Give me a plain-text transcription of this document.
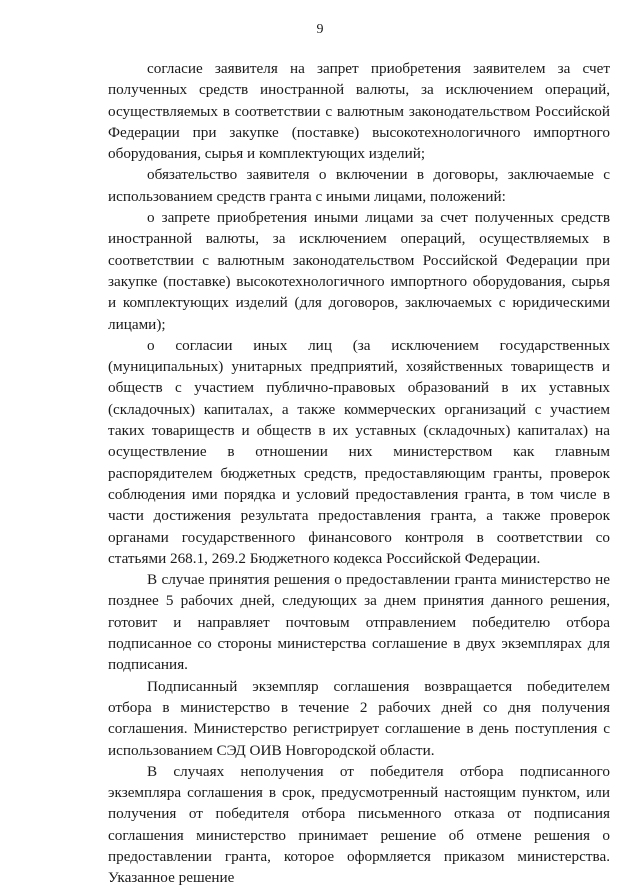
9

согласие заявителя на запрет приобретения заявителем за счет полученных средств иностранной валюты, за исключением операций, осуществляемых в соответствии с валютным законодательством Российской Федерации при закупке (поставке) высокотехнологичного импортного оборудования, сырья и комплектующих изделий;

обязательство заявителя о включении в договоры, заключаемые с использованием средств гранта с иными лицами, положений:

о запрете приобретения иными лицами за счет полученных средств иностранной валюты, за исключением операций, осуществляемых в соответствии с валютным законодательством Российской Федерации при закупке (поставке) высокотехнологичного импортного оборудования, сырья и комплектующих изделий (для договоров, заключаемых с юридическими лицами);

о согласии иных лиц (за исключением государственных (муниципальных) унитарных предприятий, хозяйственных товариществ и обществ с участием публично-правовых образований в их уставных (складочных) капиталах, а также коммерческих организаций с участием таких товариществ и обществ в их уставных (складочных) капиталах) на осуществление в отношении них министерством как главным распорядителем бюджетных средств, предоставляющим гранты, проверок соблюдения ими порядка и условий предоставления гранта, в том числе в части достижения результата предоставления гранта, а также проверок органами государственного финансового контроля в соответствии со статьями 268.1, 269.2 Бюджетного кодекса Российской Федерации.

В случае принятия решения о предоставлении гранта министерство не позднее 5 рабочих дней, следующих за днем принятия данного решения, готовит и направляет почтовым отправлением победителю отбора подписанное со стороны министерства соглашение в двух экземплярах для подписания.

Подписанный экземпляр соглашения возвращается победителем отбора в министерство в течение 2 рабочих дней со дня получения соглашения. Министерство регистрирует соглашение в день поступления с использованием СЭД ОИВ Новгородской области.

В случаях неполучения от победителя отбора подписанного экземпляра соглашения в срок, предусмотренный настоящим пунктом, или получения от победителя отбора письменного отказа от подписания соглашения министерство принимает решение об отмене решения о предоставлении гранта, которое оформляется приказом министерства. Указанное решение
